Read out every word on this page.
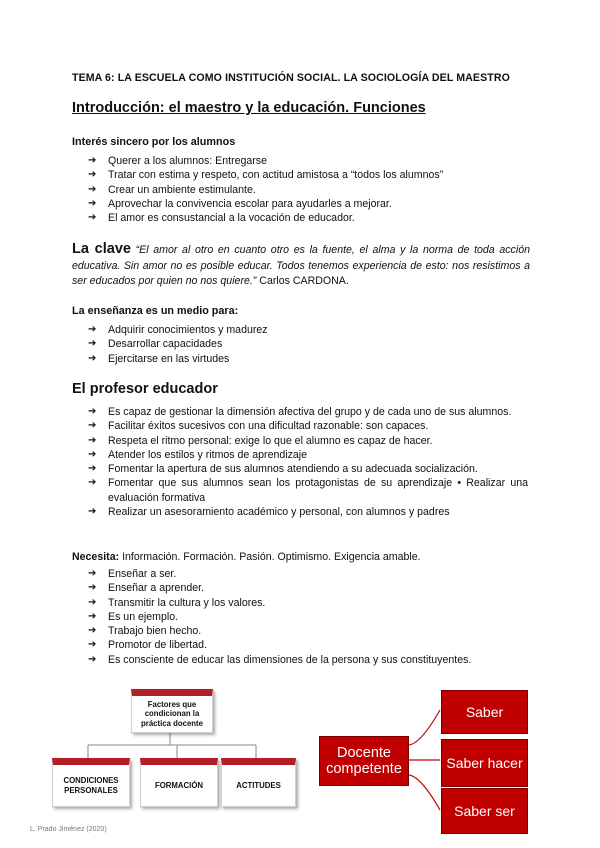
TEMA 6: LA ESCUELA COMO INSTITUCIÓN SOCIAL. LA SOCIOLOGÍA DEL MAESTRO
Introducción: el maestro y la educación. Funciones
Interés sincero por los alumnos
➔ Querer a los alumnos: Entregarse
➔ Tratar con estima y respeto, con actitud amistosa a “todos los alumnos”
➔ Crear un ambiente estimulante.
➔ Aprovechar la convivencia escolar para ayudarles a mejorar.
➔ El amor es consustancial a la vocación de educador.
La clave “El amor al otro en cuanto otro es la fuente, el alma y la norma de toda acción educativa. Sin amor no es posible educar. Todos tenemos experiencia de esto: nos resistimos a ser educados por quien no nos quiere.” Carlos CARDONA.
La enseñanza es un medio para:
➔ Adquirir conocimientos y madurez
➔ Desarrollar capacidades
➔ Ejercitarse en las virtudes
El profesor educador
➔ Es capaz de gestionar la dimensión afectiva del grupo y de cada uno de sus alumnos.
➔ Facilitar éxitos sucesivos con una dificultad razonable: son capaces.
➔ Respeta el ritmo personal: exige lo que el alumno es capaz de hacer.
➔ Atender los estilos y ritmos de aprendizaje
➔ Fomentar la apertura de sus alumnos atendiendo a su adecuada socialización.
➔ Fomentar que sus alumnos sean los protagonistas de su aprendizaje • Realizar una evaluación formativa
➔ Realizar un asesoramiento académico y personal, con alumnos y padres
Necesita: Información. Formación. Pasión. Optimismo. Exigencia amable.
➔ Enseñar a ser.
➔ Enseñar a aprender.
➔ Transmitir la cultura y los valores.
➔ Es un ejemplo.
➔ Trabajo bien hecho.
➔ Promotor de libertad.
➔ Es consciente de educar las dimensiones de la persona y sus constituyentes.
Factores que condicionan la práctica docente
CONDICIONES PERSONALES
FORMACIÓN	ACTITUDES
Docente competente
Saber
Saber hacer
Saber ser
L. Prado Jiménez (2020)
